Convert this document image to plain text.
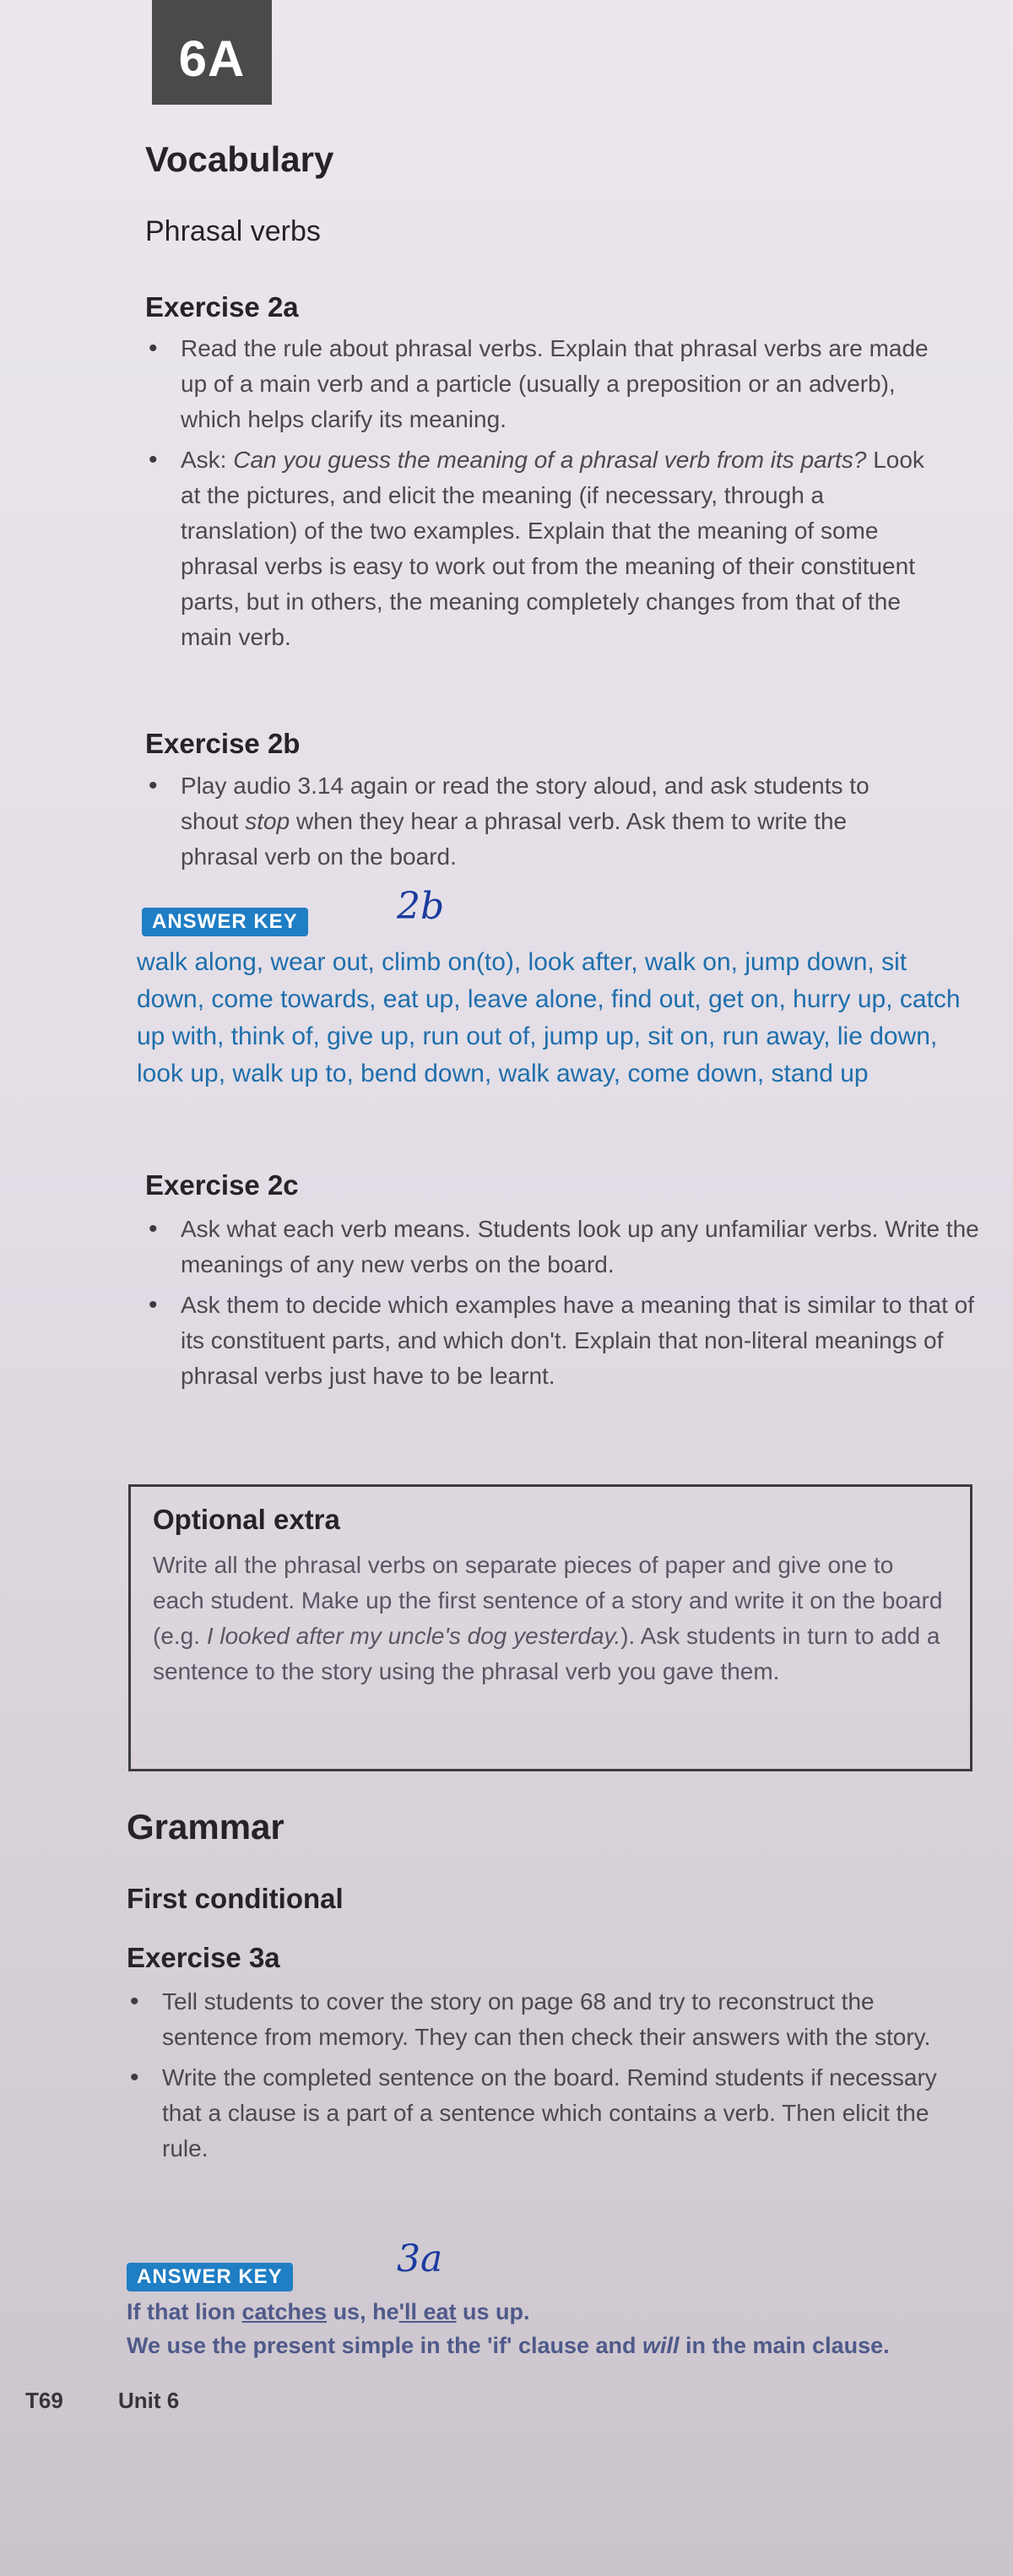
6A
Vocabulary
Phrasal verbs
Exercise 2a
• Read the rule about phrasal verbs. Explain that phrasal verbs are made up of a main verb and a particle (usually a preposition or an adverb), which helps clarify its meaning.
• Ask: Can you guess the meaning of a phrasal verb from its parts? Look at the pictures, and elicit the meaning (if necessary, through a translation) of the two examples. Explain that the meaning of some phrasal verbs is easy to work out from the meaning of their constituent parts, but in others, the meaning completely changes from that of the main verb.
Exercise 2b
• Play audio 3.14 again or read the story aloud, and ask students to shout stop when they hear a phrasal verb. Ask them to write the phrasal verb on the board.
ANSWER KEY	2b

walk along, wear out, climb on(to), look after, walk on, jump down, sit down, come towards, eat up, leave alone, find out, get on, hurry up, catch up with, think of, give up, run out of, jump up, sit on, run away, lie down, look up, walk up to, bend down, walk away, come down, stand up

Exercise 2c
• Ask what each verb means. Students look up any unfamiliar verbs. Write the meanings of any new verbs on the board.
• Ask them to decide which examples have a meaning that is similar to that of its constituent parts, and which don't. Explain that non-literal meanings of phrasal verbs just have to be learnt.
Optional extra

Write all the phrasal verbs on separate pieces of paper and give one to each student. Make up the first sentence of a story and write it on the board (e.g. I looked after my uncle's dog yesterday.). Ask students in turn to add a sentence to the story using the phrasal verb you gave them.

Grammar
First conditional
Exercise 3a
• Tell students to cover the story on page 68 and try to reconstruct the sentence from memory. They can then check their answers with the story.
• Write the completed sentence on the board. Remind students if necessary that a clause is a part of a sentence which contains a verb. Then elicit the rule.
ANSWER KEY	3a

If that lion catches us, he'll eat us up.
We use the present simple in the 'if' clause and will in the main clause.

T69	Unit 6
